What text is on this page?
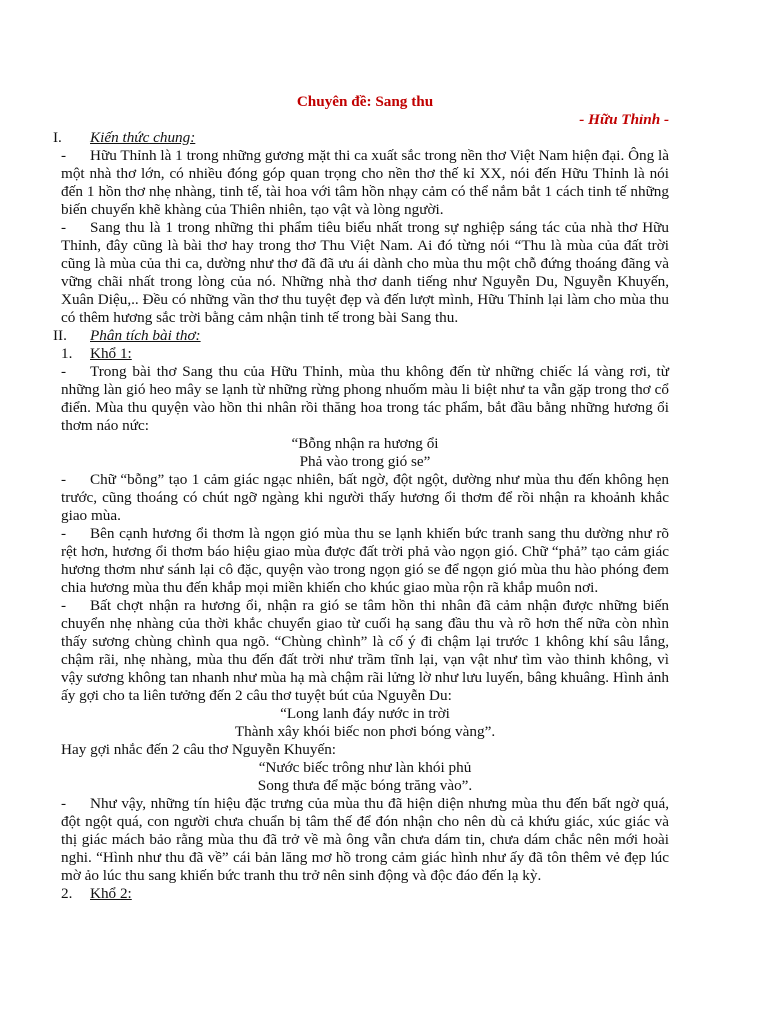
Chuyên đề: Sang thu
- Hữu Thỉnh -
I. Kiến thức chung:
- Hữu Thỉnh là 1 trong những gương mặt thi ca xuất sắc trong nền thơ Việt Nam hiện đại. Ông là một nhà thơ lớn, có nhiều đóng góp quan trọng cho nền thơ thế kỉ XX, nói đến Hữu Thỉnh là nói đến 1 hồn thơ nhẹ nhàng, tinh tế, tài hoa với tâm hồn nhạy cảm có thể nắm bắt 1 cách tinh tế những biến chuyển khẽ khàng của Thiên nhiên, tạo vật và lòng người.
- Sang thu là 1 trong những thi phẩm tiêu biểu nhất trong sự nghiệp sáng tác của nhà thơ Hữu Thỉnh, đây cũng là bài thơ hay trong thơ Thu Việt Nam. Ai đó từng nói “Thu là mùa của đất trời cũng là mùa của thi ca, dường như thơ đã đã ưu ái dành cho mùa thu một chỗ đứng thoáng đãng và vững chãi nhất trong lòng của nó. Những nhà thơ danh tiếng như Nguyễn Du, Nguyễn Khuyến, Xuân Diệu,.. Đều có những vần thơ thu tuyệt đẹp và đến lượt mình, Hữu Thỉnh lại làm cho mùa thu có thêm hương sắc trời bằng cảm nhận tinh tế trong bài Sang thu.
II. Phân tích bài thơ:
1. Khổ 1:
- Trong bài thơ Sang thu của Hữu Thỉnh, mùa thu không đến từ những chiếc lá vàng rơi, từ những làn gió heo mây se lạnh từ những rừng phong nhuốm màu li biệt như ta vẫn gặp trong thơ cổ điển. Mùa thu quyện vào hồn thi nhân rồi thăng hoa trong tác phẩm, bắt đầu bằng những hương ổi thơm náo nức:
“Bỗng nhận ra hương ổi
Phả vào trong gió se”
- Chữ “bỗng” tạo 1 cảm giác ngạc nhiên, bất ngờ, đột ngột, dường như mùa thu đến không hẹn trước, cũng thoáng có chút ngỡ ngàng khi người thấy hương ổi thơm để rồi nhận ra khoảnh khắc giao mùa.
- Bên cạnh hương ổi thơm là ngọn gió mùa thu se lạnh khiến bức tranh sang thu dường như rõ rệt hơn, hương ổi thơm báo hiệu giao mùa được đất trời phả vào ngọn gió. Chữ “phả” tạo cảm giác hương thơm như sánh lại cô đặc, quyện vào trong ngọn gió se để ngọn gió mùa thu hào phóng đem chia hương mùa thu đến khắp mọi miền khiến cho khúc giao mùa rộn rã khắp muôn nơi.
- Bất chợt nhận ra hương ổi, nhận ra gió se tâm hồn thi nhân đã cảm nhận được những biến chuyển nhẹ nhàng của thời khắc chuyển giao từ cuối hạ sang đầu thu và rõ hơn thế nữa còn nhìn thấy sương chùng chình qua ngõ. “Chùng chình” là cố ý đi chậm lại trước 1 không khí sâu lắng, chậm rãi, nhẹ nhàng, mùa thu đến đất trời như trầm tĩnh lại, vạn vật như tìm vào thinh không, vì vậy sương không tan nhanh như mùa hạ mà chậm rãi lửng lờ như lưu luyến, bâng khuâng. Hình ảnh ấy gợi cho ta liên tưởng đến 2 câu thơ tuyệt bút của Nguyễn Du:
“Long lanh đáy nước in trời
Thành xây khói biếc non phơi bóng vàng”.
Hay gợi nhắc đến 2 câu thơ Nguyễn Khuyến:
“Nước biếc trông như làn khói phủ
Song thưa để mặc bóng trăng vào”.
- Như vậy, những tín hiệu đặc trưng của mùa thu đã hiện diện nhưng mùa thu đến bất ngờ quá, đột ngột quá, con người chưa chuẩn bị tâm thế để đón nhận cho nên dù cả khứu giác, xúc giác và thị giác mách bảo rằng mùa thu đã trở về mà ông vẫn chưa dám tin, chưa dám chắc nên mới hoài nghi. “Hình như thu đã về” cái bản lăng mơ hồ trong cảm giác hình như ấy đã tôn thêm vẻ đẹp lúc mờ ảo lúc thu sang khiến bức tranh thu trở nên sinh động và độc đáo đến lạ kỳ.
2. Khổ 2:
